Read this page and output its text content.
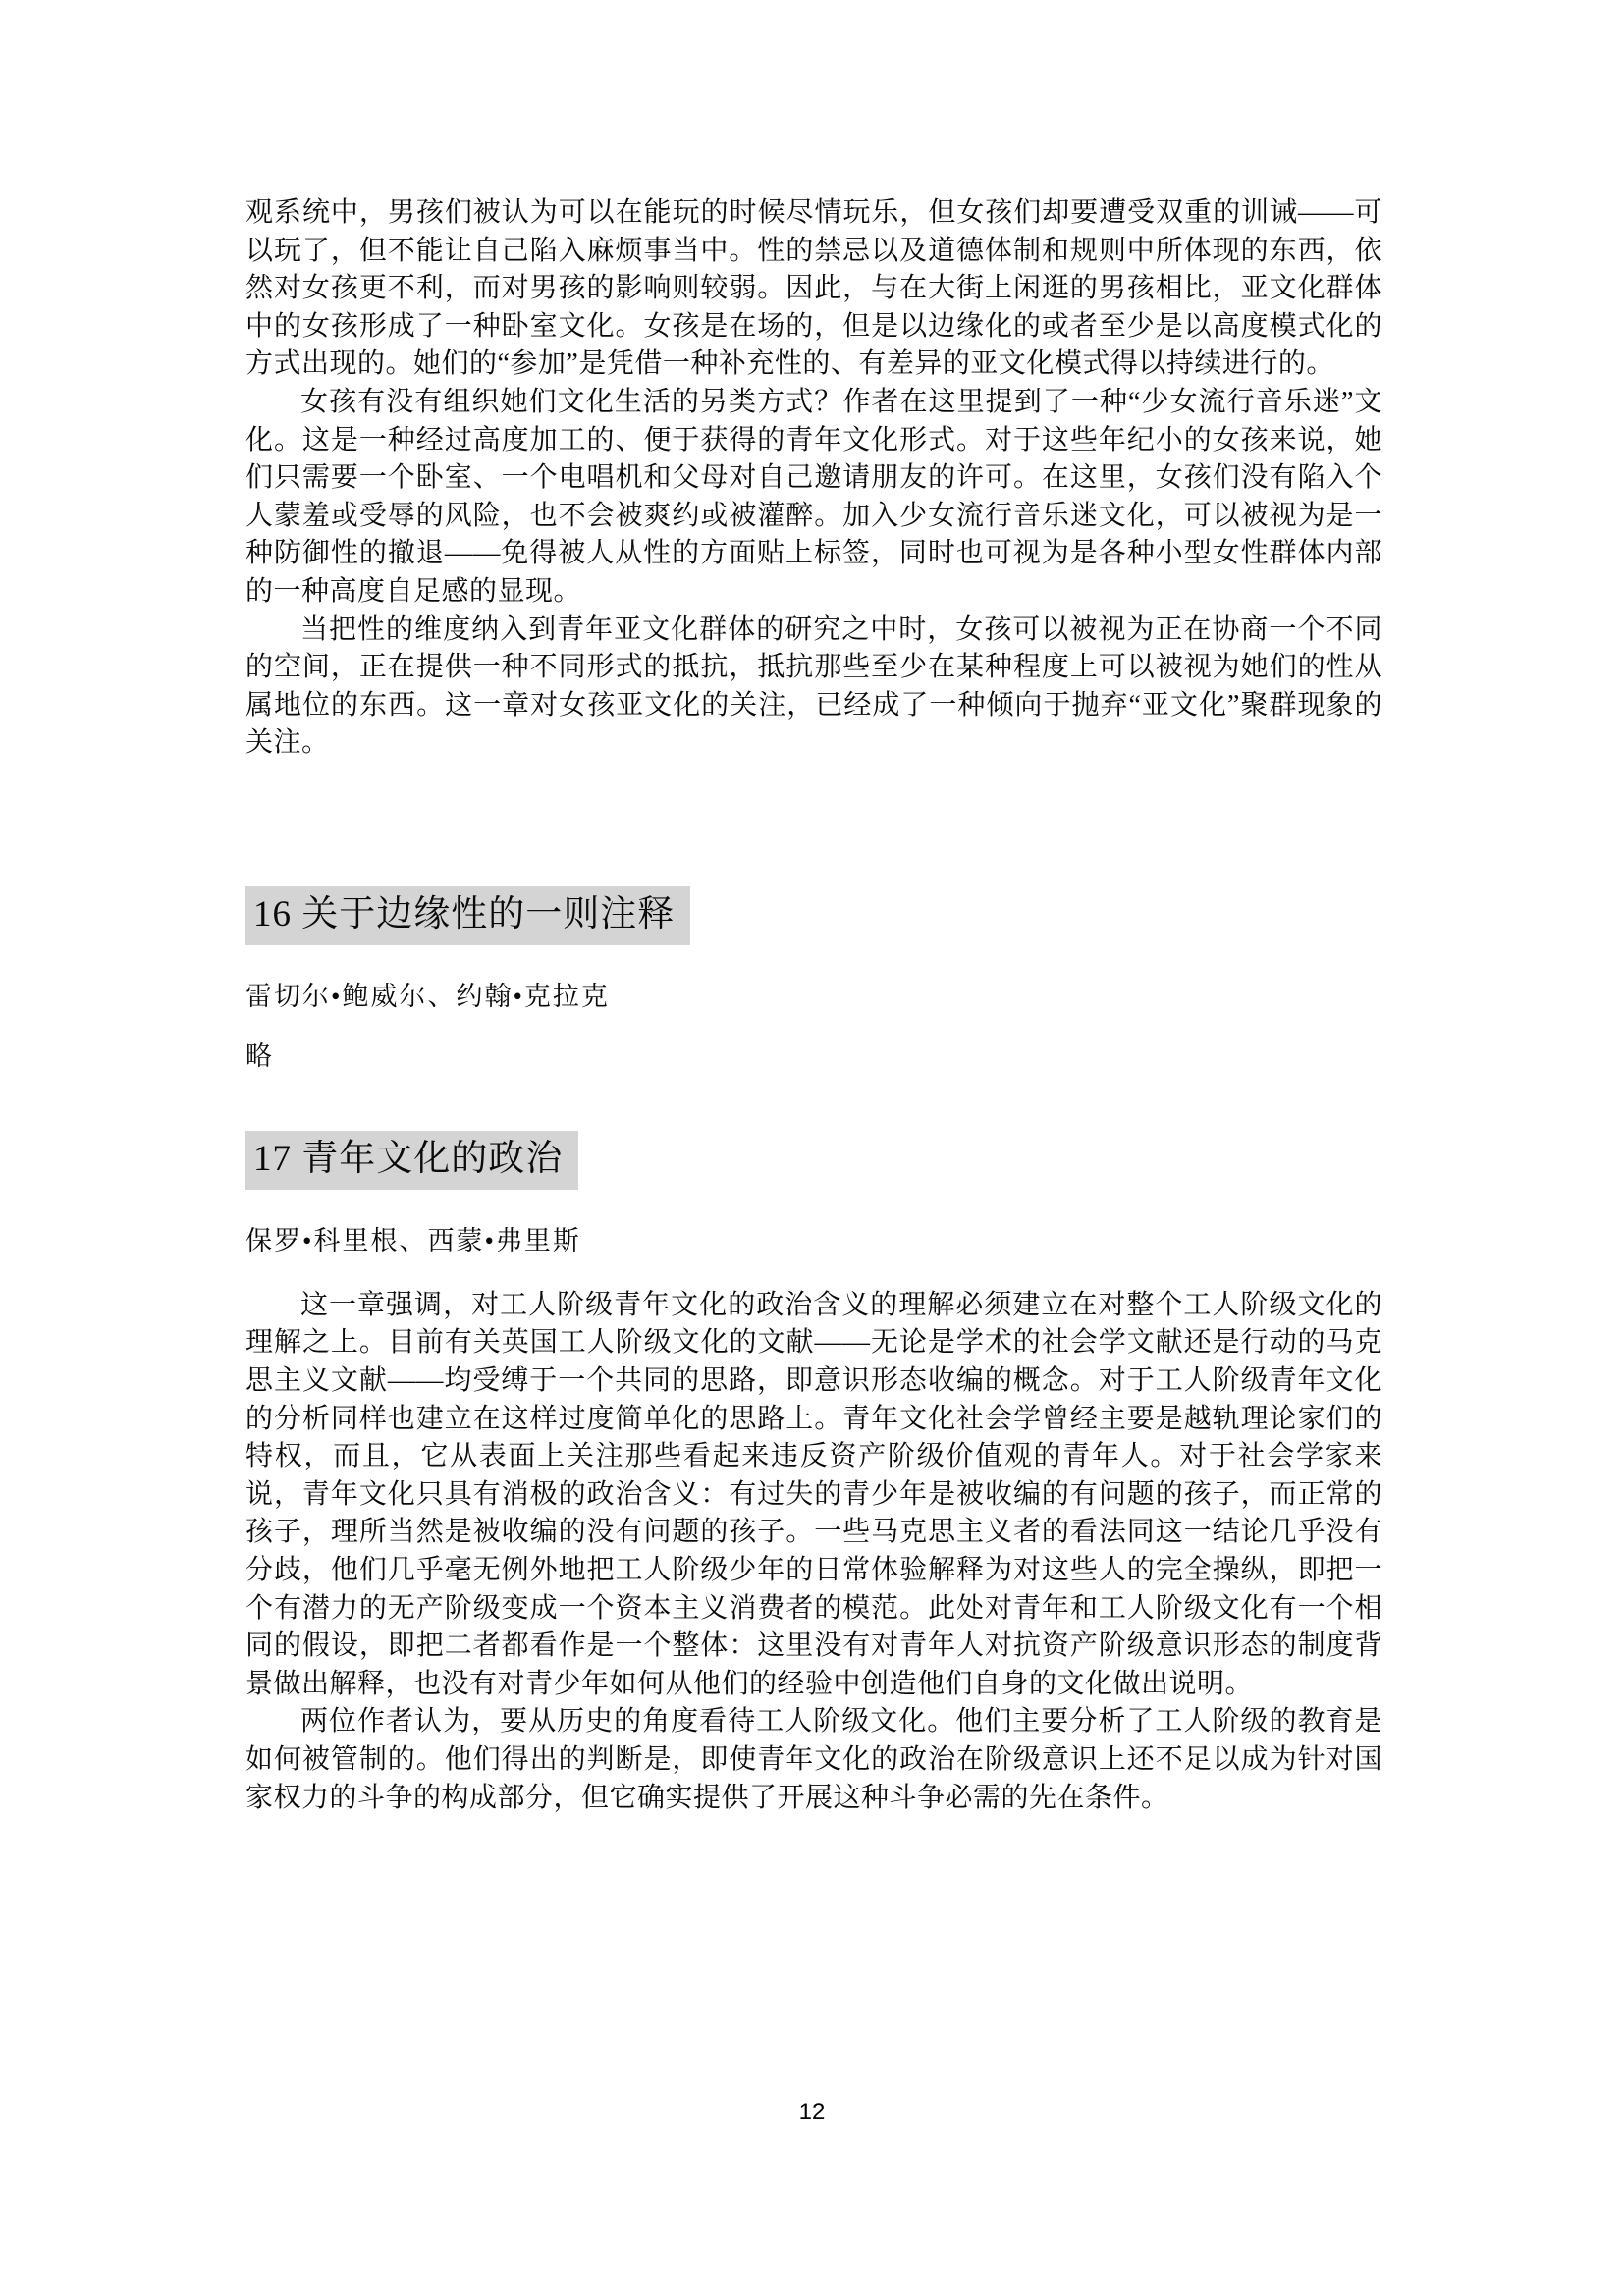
观系统中，男孩们被认为可以在能玩的时候尽情玩乐，但女孩们却要遭受双重的训诫——可以玩了，但不能让自己陷入麻烦事当中。性的禁忌以及道德体制和规则中所体现的东西，依然对女孩更不利，而对男孩的影响则较弱。因此，与在大街上闲逛的男孩相比，亚文化群体中的女孩形成了一种卧室文化。女孩是在场的，但是以边缘化的或者至少是以高度模式化的方式出现的。她们的“参加”是凭借一种补充性的、有差异的亚文化模式得以持续进行的。

女孩有没有组织她们文化生活的另类方式？作者在这里提到了一种“少女流行音乐迷”文化。这是一种经过高度加工的、便于获得的青年文化形式。对于这些年纪小的女孩来说，她们只需要一个卧室、一个电唱机和父母对自己邀请朋友的许可。在这里，女孩们没有陷入个人蒙羞或受辱的风险，也不会被爽约或被灌醉。加入少女流行音乐迷文化，可以被视为是一种防御性的撤退——免得被人从性的方面贴上标签，同时也可视为是各种小型女性群体内部的一种高度自足感的显现。

当把性的维度纳入到青年亚文化群体的研究之中时，女孩可以被视为正在协商一个不同的空间，正在提供一种不同形式的抵抗，抵抗那些至少在某种程度上可以被视为她们的性从属地位的东西。这一章对女孩亚文化的关注，已经成了一种倾向于抛弃“亚文化”聚群现象的关注。

16 关于边缘性的一则注释

雷切尔•鲍威尔、约翰•克拉克

略

17 青年文化的政治

保罗•科里根、西蒙•弗里斯

这一章强调，对工人阶级青年文化的政治含义的理解必须建立在对整个工人阶级文化的理解之上。目前有关英国工人阶级文化的文献——无论是学术的社会学文献还是行动的马克思主义文献——均受缚于一个共同的思路，即意识形态收编的概念。对于工人阶级青年文化的分析同样也建立在这样过度简单化的思路上。青年文化社会学曾经主要是越轨理论家们的特权，而且，它从表面上关注那些看起来违反资产阶级价值观的青年人。对于社会学家来说，青年文化只具有消极的政治含义：有过失的青少年是被收编的有问题的孩子，而正常的孩子，理所当然是被收编的没有问题的孩子。一些马克思主义者的看法同这一结论几乎没有分歧，他们几乎毫无例外地把工人阶级少年的日常体验解释为对这些人的完全操纵，即把一个有潜力的无产阶级变成一个资本主义消费者的模范。此处对青年和工人阶级文化有一个相同的假设，即把二者都看作是一个整体：这里没有对青年人对抗资产阶级意识形态的制度背景做出解释，也没有对青少年如何从他们的经验中创造他们自身的文化做出说明。

两位作者认为，要从历史的角度看待工人阶级文化。他们主要分析了工人阶级的教育是如何被管制的。他们得出的判断是，即使青年文化的政治在阶级意识上还不足以成为针对国家权力的斗争的构成部分，但它确实提供了开展这种斗争必需的先在条件。

12
